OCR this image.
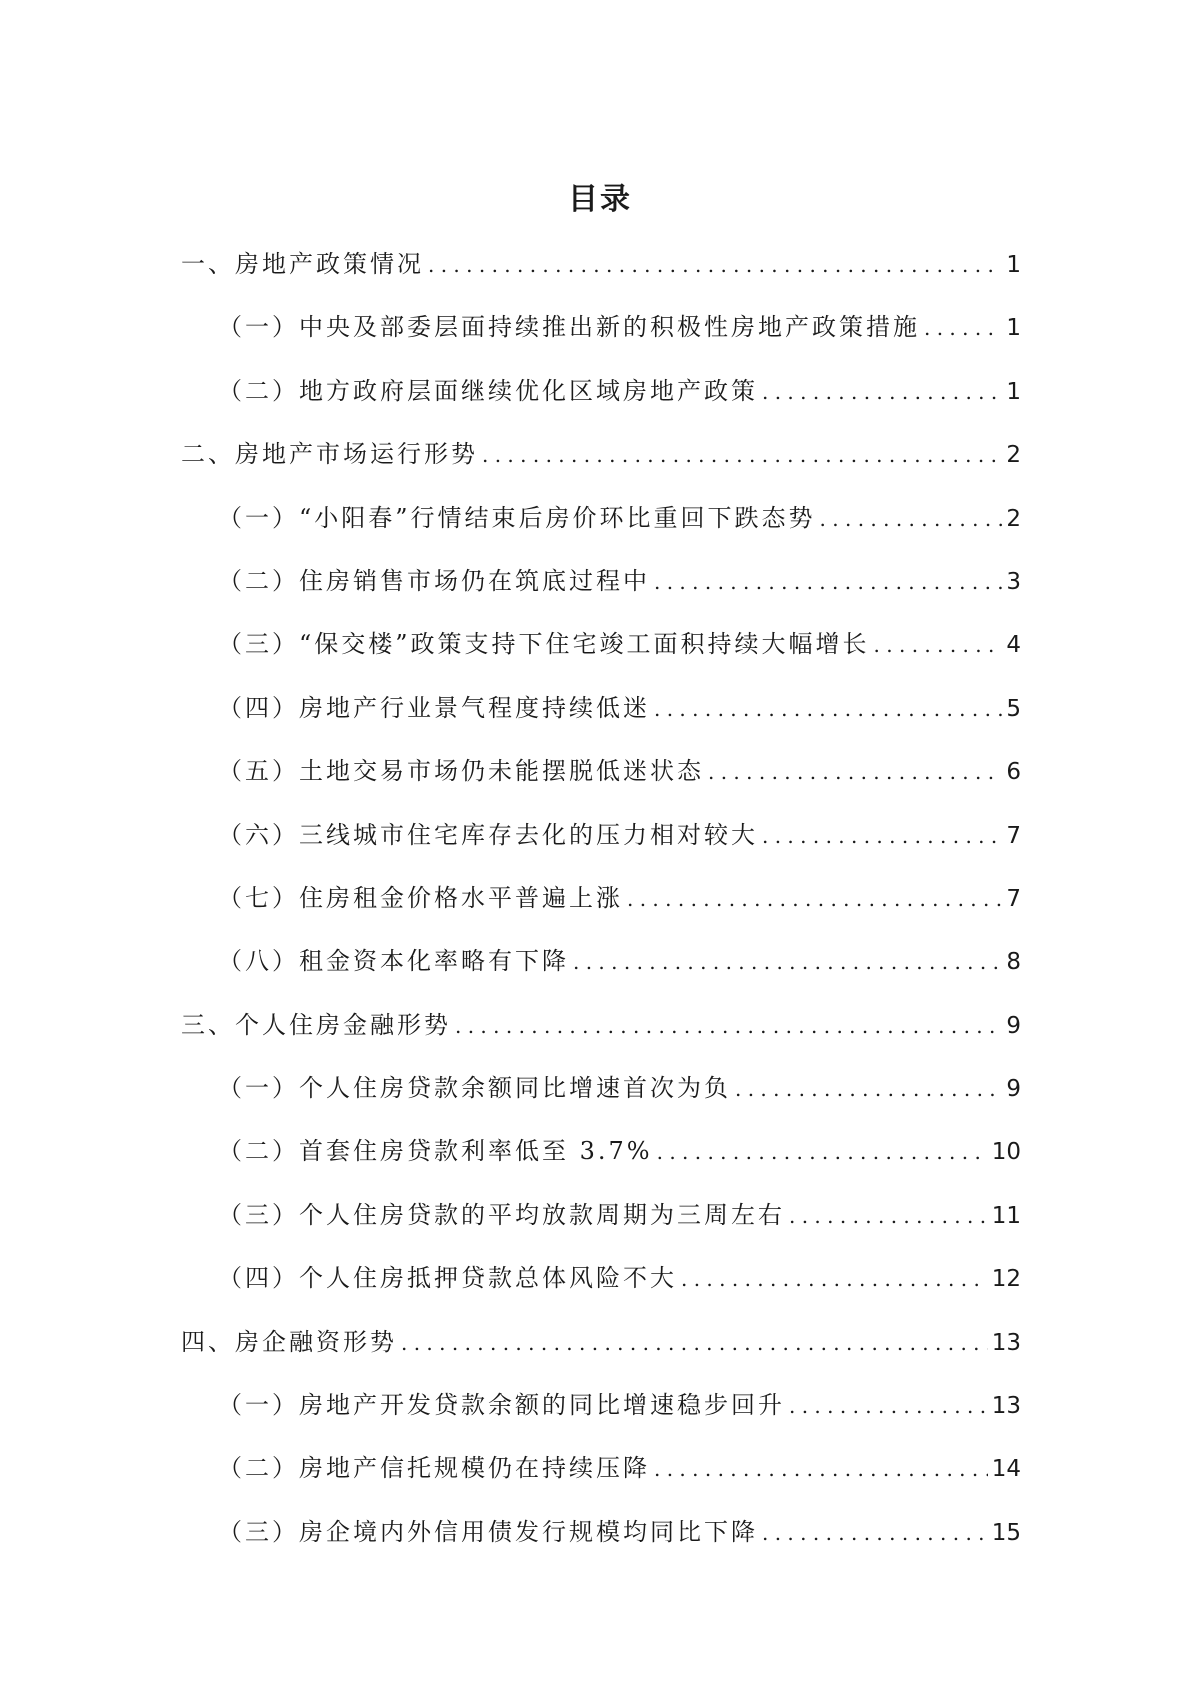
目录
一、房地产政策情况 . . .	1
（一）中央及部委层面持续推出新的积极性房地产政策措施 . . .	1
（二）地方政府层面继续优化区域房地产政策 . . .	1
二、房地产市场运行形势 . . .	2
（一）“小阳春”行情结束后房价环比重回下跌态势 . . .	2
（二）住房销售市场仍在筑底过程中 . . .	3
（三）“保交楼”政策支持下住宅竣工面积持续大幅增长 . . .	4
（四）房地产行业景气程度持续低迷 . . .	5
（五）土地交易市场仍未能摆脱低迷状态 . . .	6
（六）三线城市住宅库存去化的压力相对较大 . . .	7
（七）住房租金价格水平普遍上涨 . . .	7
（八）租金资本化率略有下降 . . .	8
三、个人住房金融形势 . . .	9
（一）个人住房贷款余额同比增速首次为负 . . .	9
（二）首套住房贷款利率低至 3.7% . . .	10
（三）个人住房贷款的平均放款周期为三周左右 . . .	11
（四）个人住房抵押贷款总体风险不大 . . .	12
四、房企融资形势 . . .	13
（一）房地产开发贷款余额的同比增速稳步回升 . . .	13
（二）房地产信托规模仍在持续压降 . . .	14
（三）房企境内外信用债发行规模均同比下降 . . .	15
